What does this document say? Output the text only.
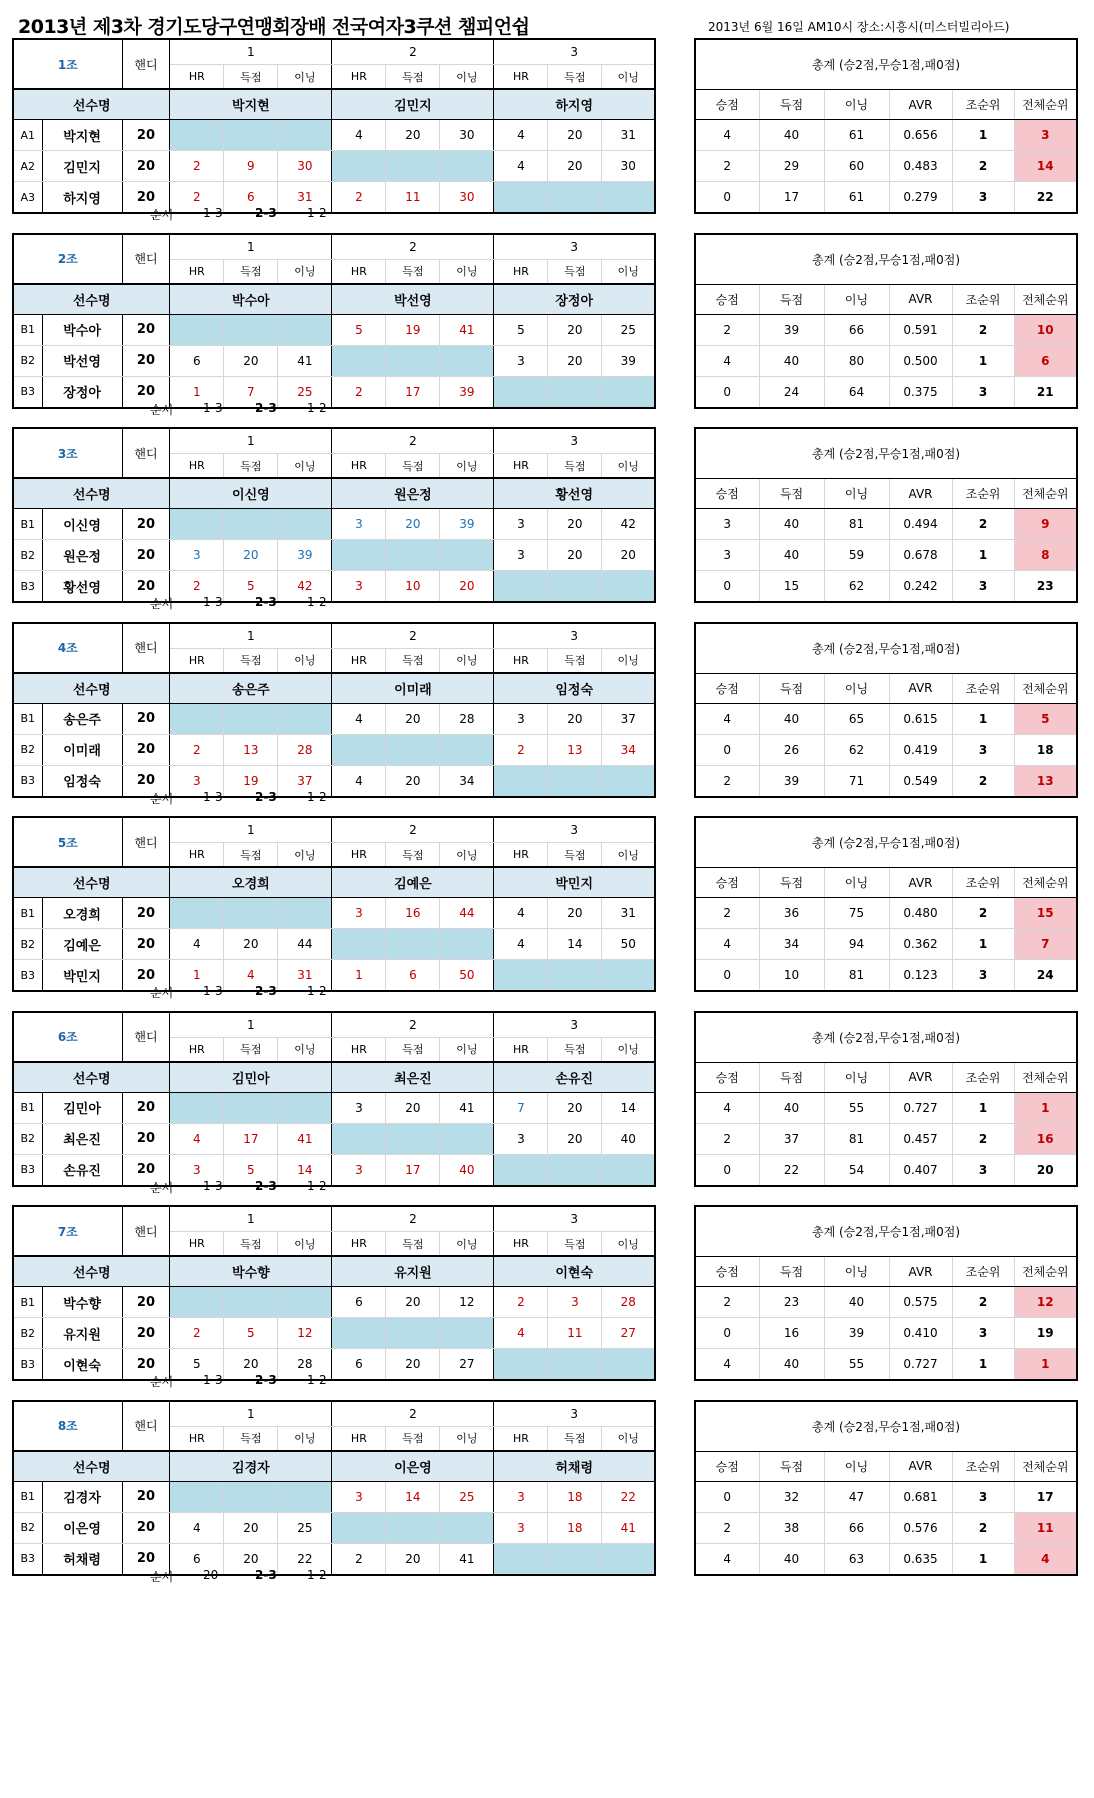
2013년 제3차 경기도당구연맹회장배 전국여자3쿠션 챔피언쉽	2013년 6월 16일 AM10시 장소:시흥시(미스터빌리아드)
1조		핸디	1			2			3		
			HR	득점	이닝	HR	득점	이닝	HR	득점	이닝
선수명			박지현			김민지			하지영		
A1	박지현	20				4	20	30	4	20	31
A2	김민지	20	2	9	30				4	20	30
A3	하지영	20	2	6	31	2	11	30			
총계 (승2점,무승1점,패0점)					
승점	득점	이닝	AVR	조순위	전체순위
4	40	61	0.656	1	3
2	29	60	0.483	2	14
0	17	61	0.279	3	22
순서 1-3	2-3	1-2
2조		핸디	1			2			3		
			HR	득점	이닝	HR	득점	이닝	HR	득점	이닝
선수명			박수아			박선영			장정아		
B1	박수아	20				5	19	41	5	20	25
B2	박선영	20	6	20	41				3	20	39
B3	장정아	20	1	7	25	2	17	39			
총계 (승2점,무승1점,패0점)					
승점	득점	이닝	AVR	조순위	전체순위
2	39	66	0.591	2	10
4	40	80	0.500	1	6
0	24	64	0.375	3	21
순서 1-3	2-3	1-2
3조		핸디	1			2			3		
			HR	득점	이닝	HR	득점	이닝	HR	득점	이닝
선수명			이신영			원은정			황선영		
B1	이신영	20				3	20	39	3	20	42
B2	원은정	20	3	20	39				3	20	20
B3	황선영	20	2	5	42	3	10	20			
총계 (승2점,무승1점,패0점)					
승점	득점	이닝	AVR	조순위	전체순위
3	40	81	0.494	2	9
3	40	59	0.678	1	8
0	15	62	0.242	3	23
순서 1-3	2-3	1-2
4조		핸디	1			2			3		
			HR	득점	이닝	HR	득점	이닝	HR	득점	이닝
선수명			송은주			이미래			임정숙		
B1	송은주	20				4	20	28	3	20	37
B2	이미래	20	2	13	28				2	13	34
B3	임정숙	20	3	19	37	4	20	34			
총계 (승2점,무승1점,패0점)					
승점	득점	이닝	AVR	조순위	전체순위
4	40	65	0.615	1	5
0	26	62	0.419	3	18
2	39	71	0.549	2	13
순서 1-3	2-3	1-2
5조		핸디	1			2			3		
			HR	득점	이닝	HR	득점	이닝	HR	득점	이닝
선수명			오경희			김예은			박민지		
B1	오경희	20				3	16	44	4	20	31
B2	김예은	20	4	20	44				4	14	50
B3	박민지	20	1	4	31	1	6	50			
총계 (승2점,무승1점,패0점)					
승점	득점	이닝	AVR	조순위	전체순위
2	36	75	0.480	2	15
4	34	94	0.362	1	7
0	10	81	0.123	3	24
순서 1-3	2-3	1-2
6조		핸디	1			2			3		
			HR	득점	이닝	HR	득점	이닝	HR	득점	이닝
선수명			김민아			최은진			손유진		
B1	김민아	20				3	20	41	7	20	14
B2	최은진	20	4	17	41				3	20	40
B3	손유진	20	3	5	14	3	17	40			
총계 (승2점,무승1점,패0점)					
승점	득점	이닝	AVR	조순위	전체순위
4	40	55	0.727	1	1
2	37	81	0.457	2	16
0	22	54	0.407	3	20
순서 1-3	2-3	1-2
7조		핸디	1			2			3		
			HR	득점	이닝	HR	득점	이닝	HR	득점	이닝
선수명			박수향			유지원			이현숙		
B1	박수향	20				6	20	12	2	3	28
B2	유지원	20	2	5	12				4	11	27
B3	이현숙	20	5	20	28	6	20	27			
총계 (승2점,무승1점,패0점)					
승점	득점	이닝	AVR	조순위	전체순위
2	23	40	0.575	2	12
0	16	39	0.410	3	19
4	40	55	0.727	1	1
순서 1-3	2-3	1-2
8조		핸디	1			2			3		
			HR	득점	이닝	HR	득점	이닝	HR	득점	이닝
선수명			김경자			이은영			허채령		
B1	김경자	20				3	14	25	3	18	22
B2	이은영	20	4	20	25				3	18	41
B3	허채령	20	6	20	22	2	20	41			
총계 (승2점,무승1점,패0점)					
승점	득점	이닝	AVR	조순위	전체순위
0	32	47	0.681	3	17
2	38	66	0.576	2	11
4	40	63	0.635	1	4
순서 20	2-3	1-2
